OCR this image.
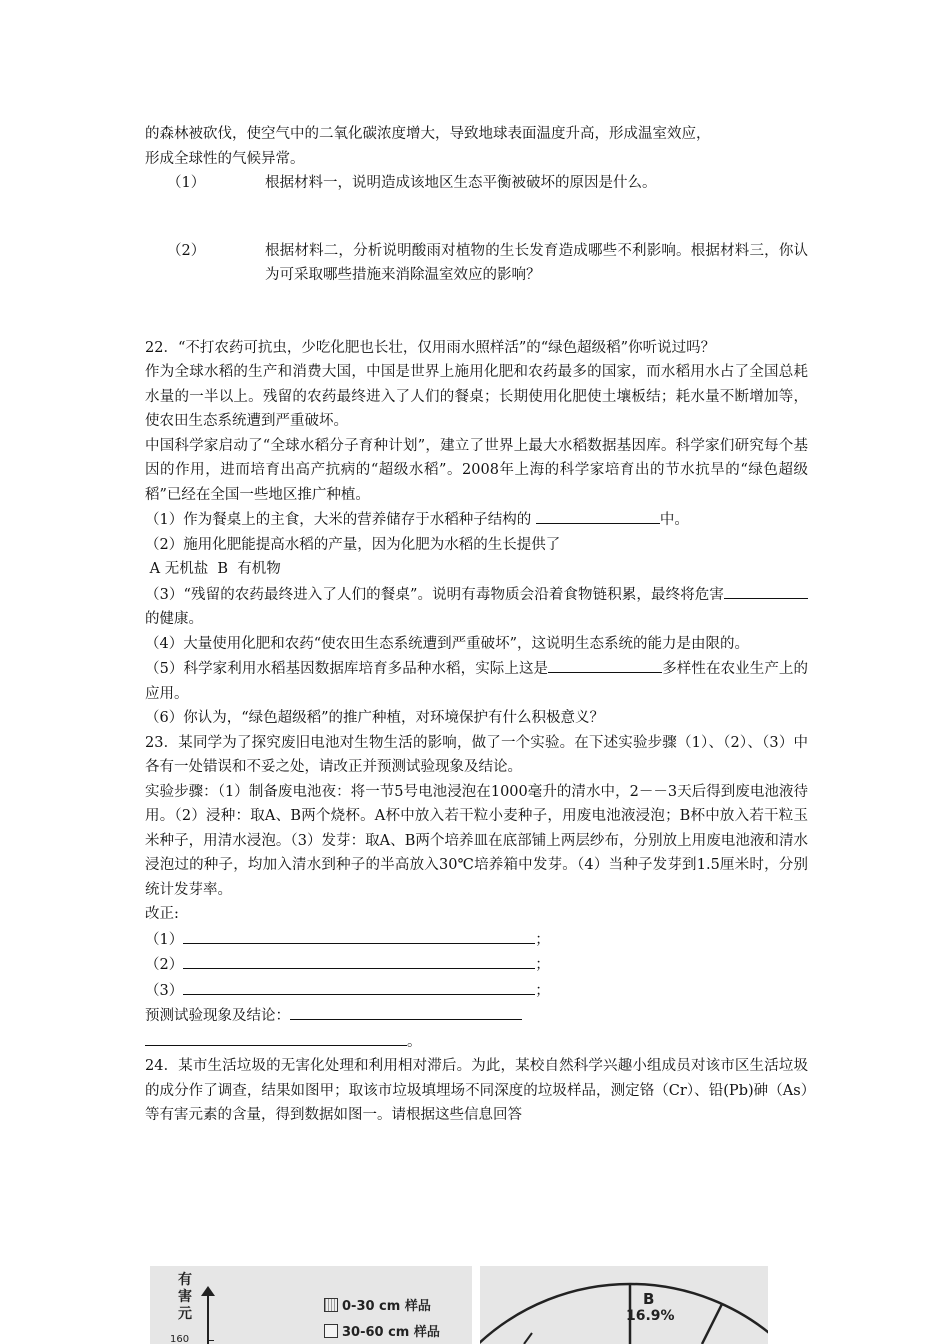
的森林被砍伐，使空气中的二氧化碳浓度增大，导致地球表面温度升高，形成温室效应，
形成全球性的气候异常。
（1）	根据材料一，说明造成该地区生态平衡被破坏的原因是什么。
（2）	根据材料二，分析说明酸雨对植物的生长发育造成哪些不利影响。根据材料三，你认为可采取哪些措施来消除温室效应的影响？
22．“不打农药可抗虫，少吃化肥也长壮，仅用雨水照样活”的“绿色超级稻”你听说过吗？
作为全球水稻的生产和消费大国，中国是世界上施用化肥和农药最多的国家，而水稻用水占了全国总耗水量的一半以上。残留的农药最终进入了人们的餐桌；长期使用化肥使土壤板结；耗水量不断增加等，使农田生态系统遭到严重破坏。
中国科学家启动了“全球水稻分子育种计划”，建立了世界上最大水稻数据基因库。科学家们研究每个基因的作用，进而培育出高产抗病的“超级水稻”。2008年上海的科学家培育出的节水抗旱的“绿色超级稻”已经在全国一些地区推广种植。
（1）作为餐桌上的主食，大米的营养储存于水稻种子结构的	中。
（2）施用化肥能提高水稻的产量，因为化肥为水稻的生长提供了
A 无机盐  B  有机物
（3）“残留的农药最终进入了人们的餐桌”。说明有毒物质会沿着食物链积累，最终将危害的健康。
（4）大量使用化肥和农药“使农田生态系统遭到严重破坏”，这说明生态系统的能力是由限的。
（5）科学家利用水稻基因数据库培育多品种水稻，实际上这是	多样性在农业生产上的应用。
（6）你认为，“绿色超级稻”的推广种植，对环境保护有什么积极意义？
23．某同学为了探究废旧电池对生物生活的影响，做了一个实验。在下述实验步骤（1）、（2）、（3）中各有一处错误和不妥之处，请改正并预测试验现象及结论。
实验步骤：（1）制备废电池夜：将一节5号电池浸泡在1000毫升的清水中，2－－3天后得到废电池液待用。（2）浸种：取A、B两个烧杯。A杯中放入若干粒小麦种子，用废电池液浸泡；B杯中放入若干粒玉米种子，用清水浸泡。（3）发芽：取A、B两个培养皿在底部铺上两层纱布，分别放上用废电池液和清水浸泡过的种子，均加入清水到种子的半高放入30℃培养箱中发芽。（4）当种子发芽到1.5厘米时，分别统计发芽率。
改正:
（1）	；
（2）	；
（3）	；
预测试验现象及结论：
。
24．某市生活垃圾的无害化处理和利用相对滞后。为此，某校自然科学兴趣小组成员对该市区生活垃圾的成分作了调查，结果如图甲；取该市垃圾填埋场不同深度的垃圾样品，测定铬（Cr）、铅(Pb)砷（As）等有害元素的含量，得到数据如图一。请根据这些信息回答
有害元
160
0-30 cm 样品
30-60 cm 样品
B
16.9%
